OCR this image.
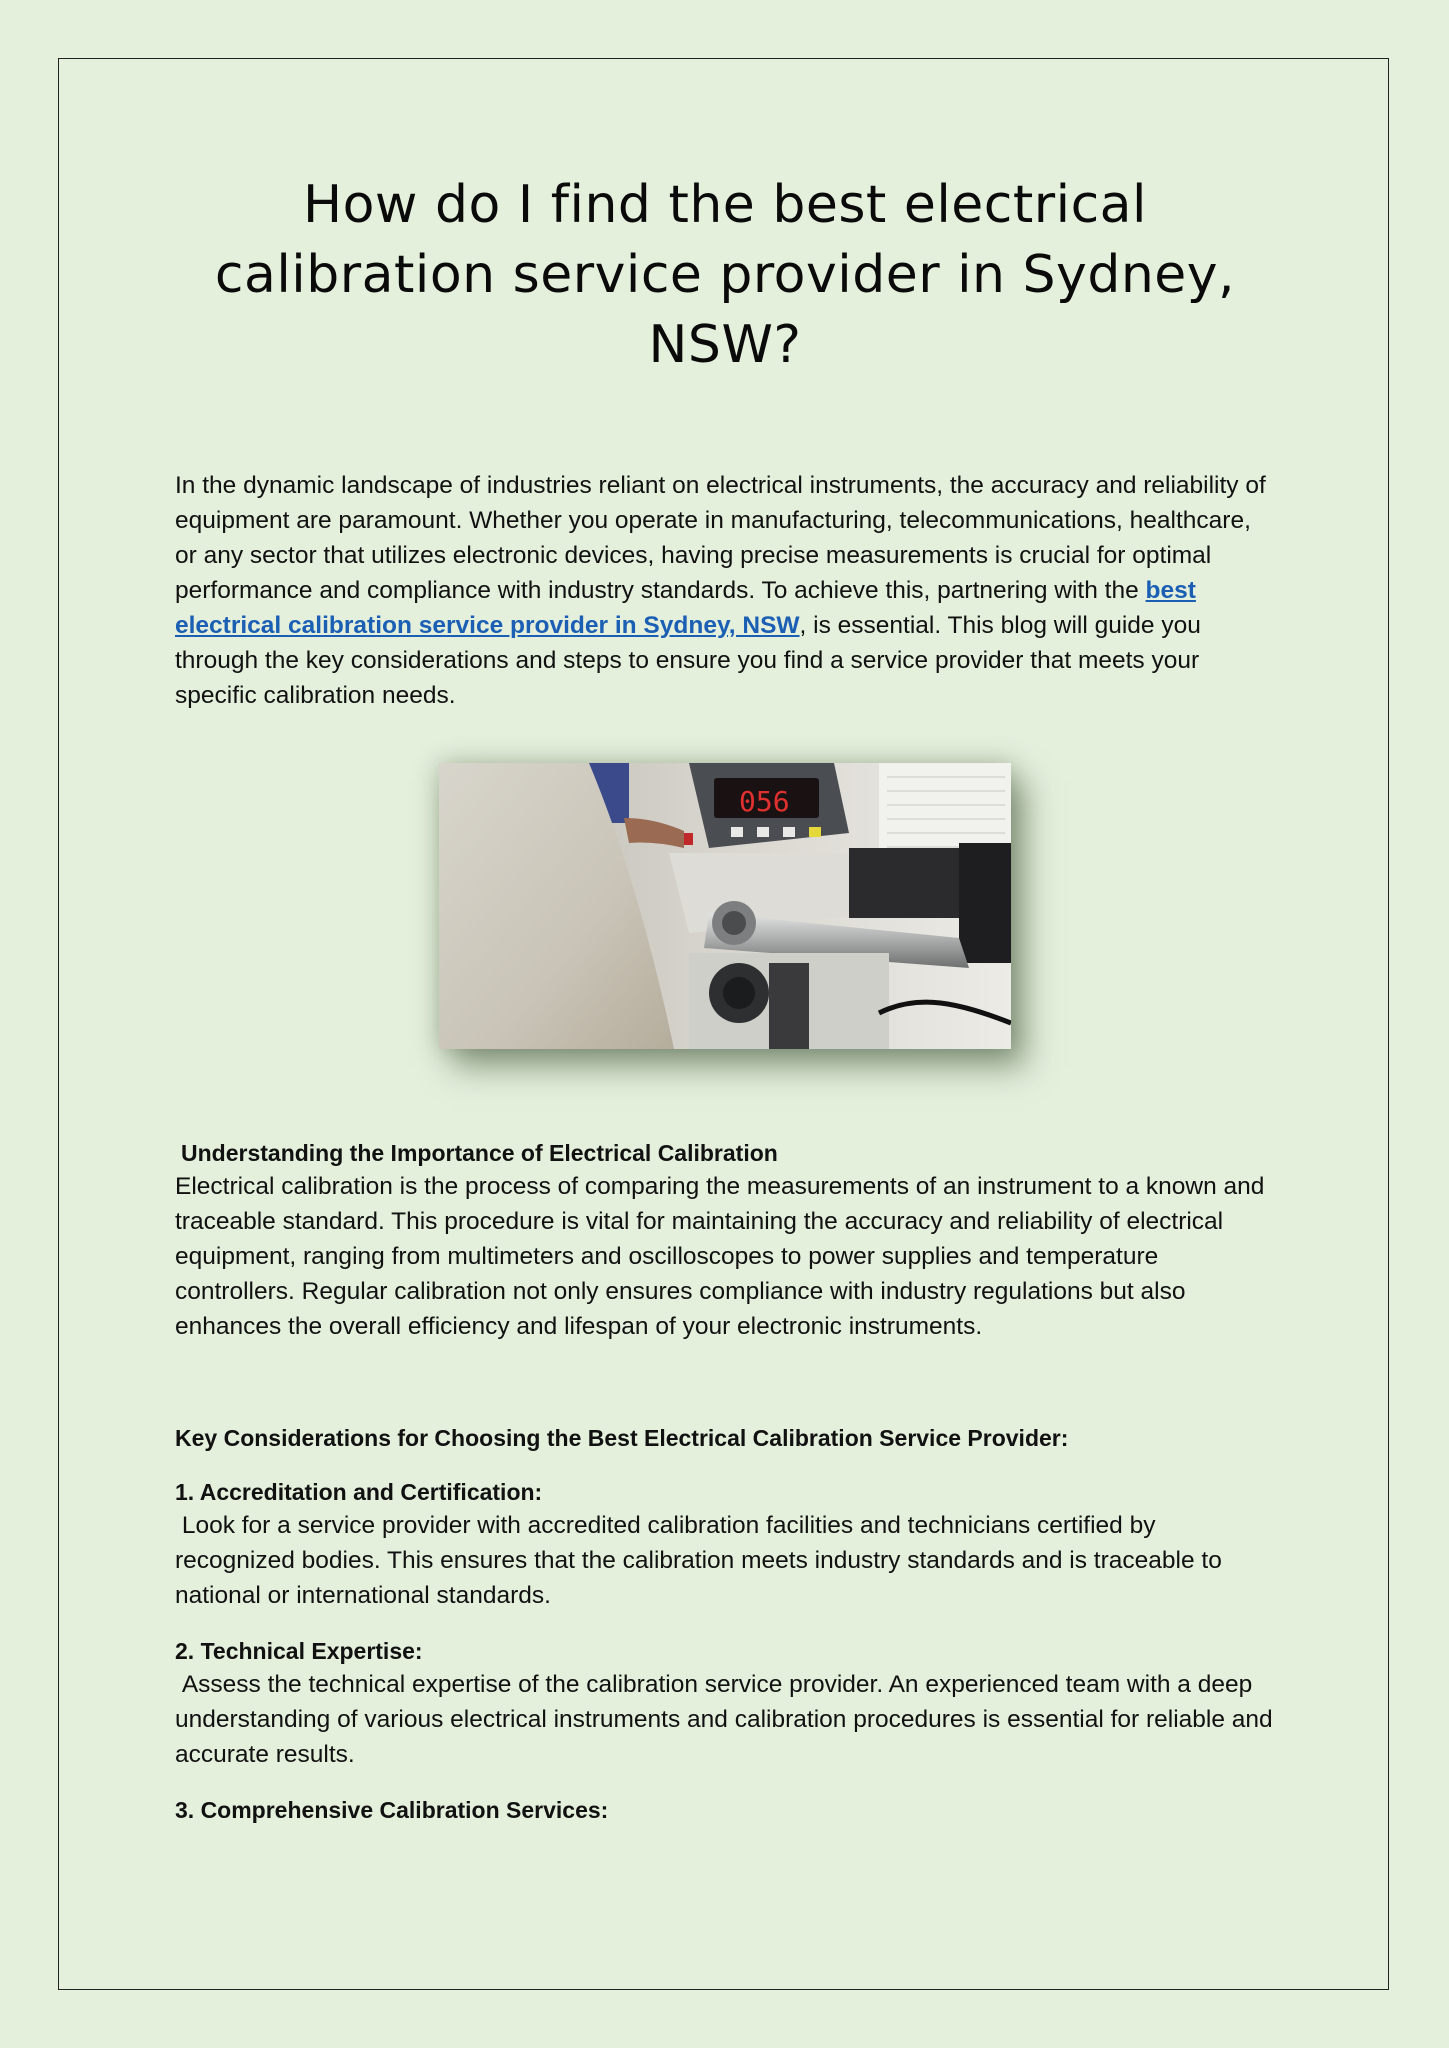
How do I find the best electrical calibration service provider in Sydney, NSW?

In the dynamic landscape of industries reliant on electrical instruments, the accuracy and reliability of equipment are paramount. Whether you operate in manufacturing, telecommunications, healthcare, or any sector that utilizes electronic devices, having precise measurements is crucial for optimal performance and compliance with industry standards. To achieve this, partnering with the best electrical calibration service provider in Sydney, NSW, is essential. This blog will guide you through the key considerations and steps to ensure you find a service provider that meets your specific calibration needs.

056
Understanding the Importance of Electrical Calibration

Electrical calibration is the process of comparing the measurements of an instrument to a known and traceable standard. This procedure is vital for maintaining the accuracy and reliability of electrical equipment, ranging from multimeters and oscilloscopes to power supplies and temperature controllers. Regular calibration not only ensures compliance with industry regulations but also enhances the overall efficiency and lifespan of your electronic instruments.

Key Considerations for Choosing the Best Electrical Calibration Service Provider:
1. Accreditation and Certification:

Look for a service provider with accredited calibration facilities and technicians certified by recognized bodies. This ensures that the calibration meets industry standards and is traceable to national or international standards.

2. Technical Expertise:

Assess the technical expertise of the calibration service provider. An experienced team with a deep understanding of various electrical instruments and calibration procedures is essential for reliable and accurate results.

3. Comprehensive Calibration Services:
